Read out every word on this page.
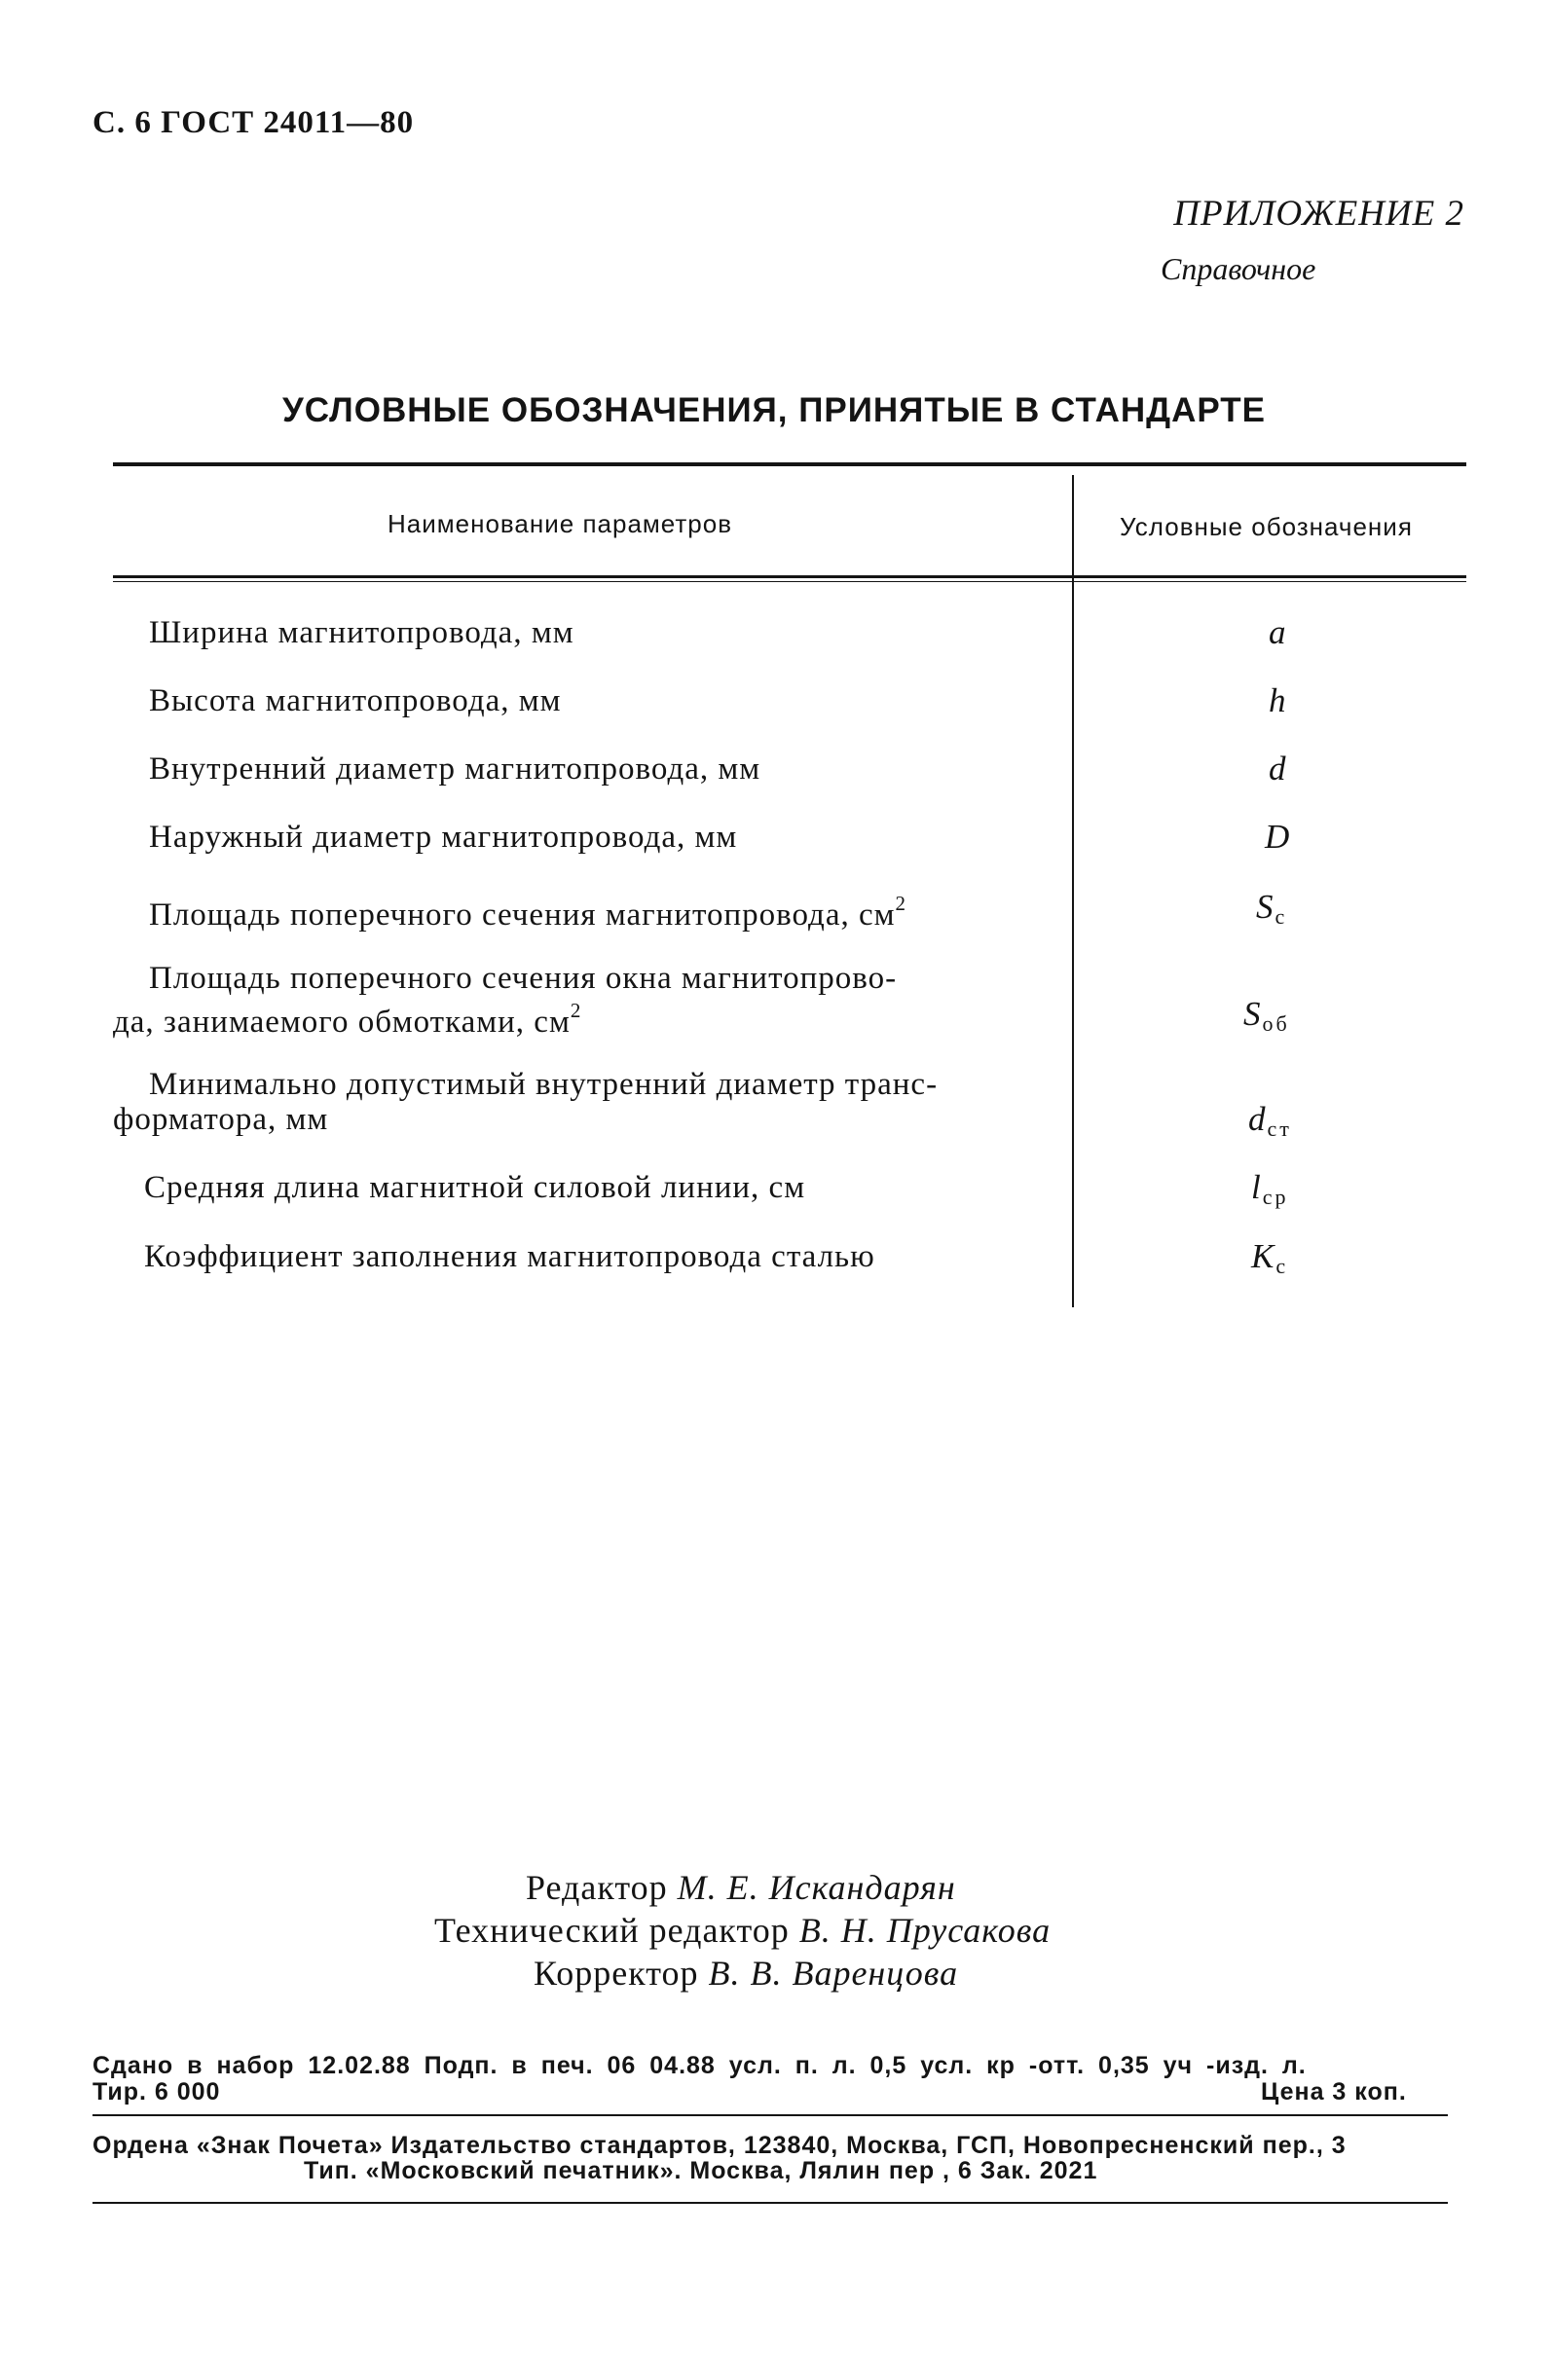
С. 6 ГОСТ 24011—80
ПРИЛОЖЕНИЕ 2
Справочное
УСЛОВНЫЕ ОБОЗНАЧЕНИЯ, ПРИНЯТЫЕ В СТАНДАРТЕ
Наименование параметров	Условные обозначения
Ширина магнитопровода, мм	a
Высота магнитопровода, мм	h
Внутренний диаметр магнитопровода, мм	d
Наружный диаметр магнитопровода, мм	D
Площадь поперечного сечения магнитопровода, $см^2$	Sс
Площадь поперечного сечения окна магнитопрово-
да, занимаемого обмотками, $см^2$	Sоб
Минимально допустимый внутренний диаметр транс-
форматора, мм	dст
Средняя длина магнитной силовой линии, см	lср
Коэффициент заполнения магнитопровода сталью	Kс
Редактор М. Е. Искандарян
Технический редактор В. Н. Прусакова
Корректор В. В. Варенцова
Сдано в набор 12.02.88 Подп. в печ. 06 04.88 усл. п. л. 0,5 усл. кр -отт. 0,35 уч -изд. л.
Тир. 6 000	Цена 3 коп.
Ордена «Знак Почета» Издательство стандартов, 123840, Москва, ГСП, Новопресненский пер., 3
Тип. «Московский печатник». Москва, Лялин пер , 6 Зак. 2021
